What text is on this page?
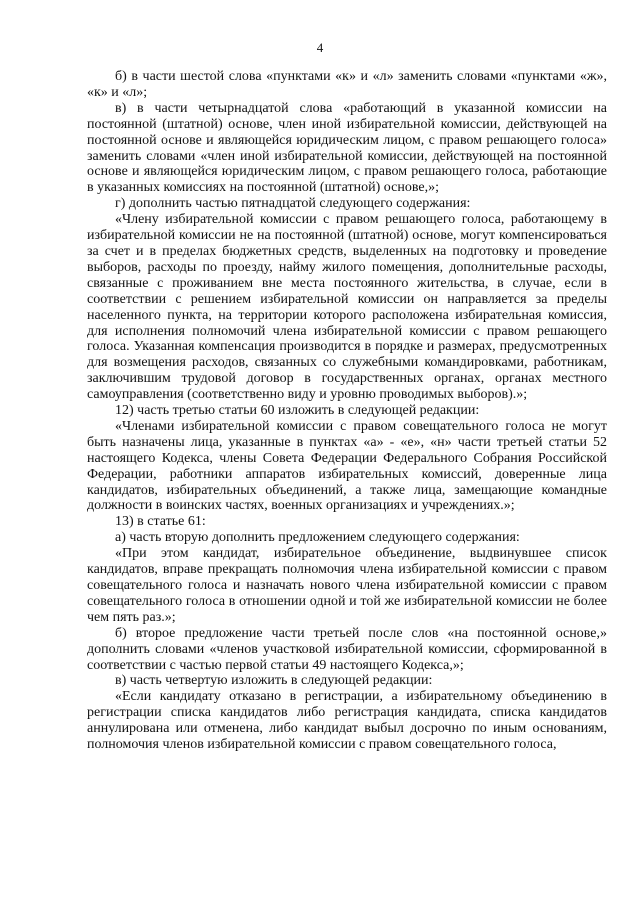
4

б) в части шестой слова «пунктами «к» и «л» заменить словами «пунктами «ж», «к» и «л»;

в) в части четырнадцатой слова «работающий в указанной комиссии на постоянной (штатной) основе, член иной избирательной комиссии, действующей на постоянной основе и являющейся юридическим лицом, с правом решающего голоса» заменить словами «член иной избирательной комиссии, действующей на постоянной основе и являющейся юридическим лицом, с правом решающего голоса, работающие в указанных комиссиях на постоянной (штатной) основе,»;

г) дополнить частью пятнадцатой следующего содержания:

«Члену избирательной комиссии с правом решающего голоса, работающему в избирательной комиссии не на постоянной (штатной) основе, могут компенсироваться за счет и в пределах бюджетных средств, выделенных на подготовку и проведение выборов, расходы по проезду, найму жилого помещения, дополнительные расходы, связанные с проживанием вне места постоянного жительства, в случае, если в соответствии с решением избирательной комиссии он направляется за пределы населенного пункта, на территории которого расположена избирательная комиссия, для исполнения полномочий члена избирательной комиссии с правом решающего голоса. Указанная компенсация производится в порядке и размерах, предусмотренных для возмещения расходов, связанных со служебными командировками, работникам, заключившим трудовой договор в государственных органах, органах местного самоуправления (соответственно виду и уровню проводимых выборов).»;

12) часть третью статьи 60 изложить в следующей редакции:

«Членами избирательной комиссии с правом совещательного голоса не могут быть назначены лица, указанные в пунктах «а» - «е», «н» части третьей статьи 52 настоящего Кодекса, члены Совета Федерации Федерального Собрания Российской Федерации, работники аппаратов избирательных комиссий, доверенные лица кандидатов, избирательных объединений, а также лица, замещающие командные должности в воинских частях, военных организациях и учреждениях.»;

13) в статье 61:

а) часть вторую дополнить предложением следующего содержания:

«При этом кандидат, избирательное объединение, выдвинувшее список кандидатов, вправе прекращать полномочия члена избирательной комиссии с правом совещательного голоса и назначать нового члена избирательной комиссии с правом совещательного голоса в отношении одной и той же избирательной комиссии не более чем пять раз.»;

б) второе предложение части третьей после слов «на постоянной основе,» дополнить словами «членов участковой избирательной комиссии, сформированной в соответствии с частью первой статьи 49 настоящего Кодекса,»;

в) часть четвертую изложить в следующей редакции:

«Если кандидату отказано в регистрации, а избирательному объединению в регистрации списка кандидатов либо регистрация кандидата, списка кандидатов аннулирована или отменена, либо кандидат выбыл досрочно по иным основаниям, полномочия членов избирательной комиссии с правом совещательного голоса,
